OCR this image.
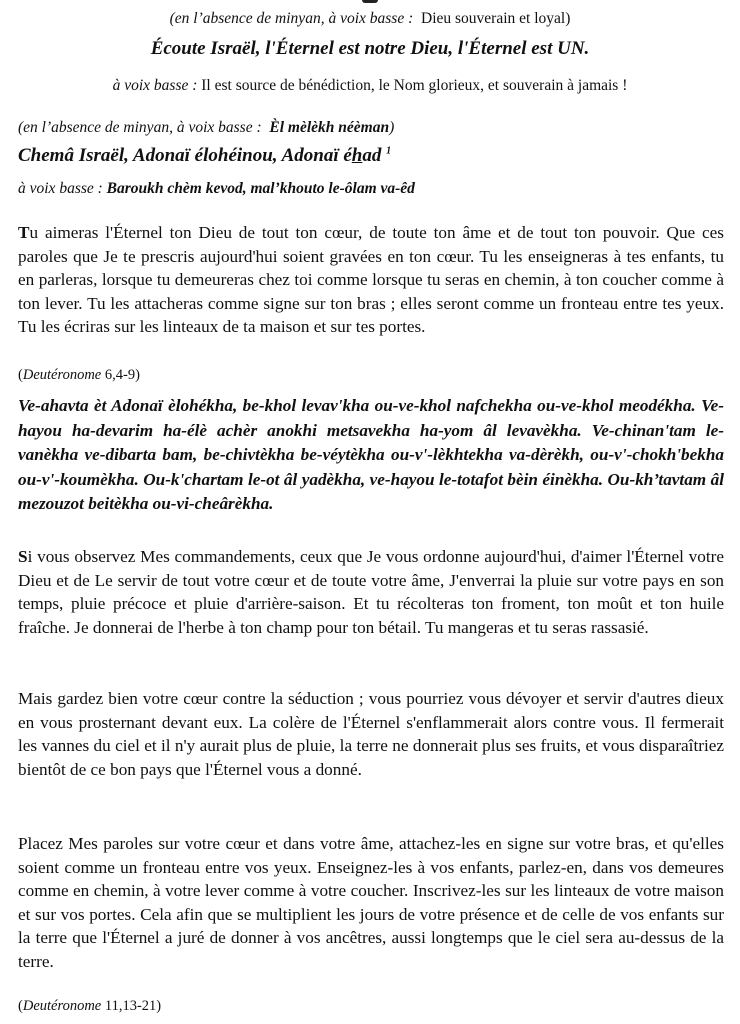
(en l’absence de minyan, à voix basse : Dieu souverain et loyal)
Écoute Israël, l'Éternel est notre Dieu, l'Éternel est UN.
à voix basse : Il est source de bénédiction, le Nom glorieux, et souverain à jamais !
(en l’absence de minyan, à voix basse : Èl mèlèkh néèman)
Chemâ Israël, Adonaï élohéinou, Adonaï éhad $^1$
à voix basse : Baroukh chèm kevod, mal’khouto le-ôlam va-êd
Tu aimeras l'Éternel ton Dieu de tout ton cœur, de toute ton âme et de tout ton pouvoir. Que ces paroles que Je te prescris aujourd'hui soient gravées en ton cœur. Tu les enseigneras à tes enfants, tu en parleras, lorsque tu demeureras chez toi comme lorsque tu seras en chemin, à ton coucher comme à ton lever. Tu les attacheras comme signe sur ton bras ; elles seront comme un fronteau entre tes yeux. Tu les écriras sur les linteaux de ta maison et sur tes portes.
(Deutéronome 6,4-9)
Ve-ahavta èt Adonaï èlohékha, be-khol levav'kha ou-ve-khol nafchekha ou-ve-khol meodékha. Ve-hayou ha-devarim ha-élè achèr anokhi metsavekha ha-yom âl levavèkha. Ve-chinan'tam le-vanèkha ve-dibarta bam, be-chivtèkha be-véytèkha ou-v'-lèkhtekha va-dèrèkh, ou-v'-chokh'bekha ou-v'-koumèkha. Ou-k'chartam le-ot âl yadèkha, ve-hayou le-totafot bèin éinèkha. Ou-kh’tavtam âl mezouzot beitèkha ou-vi-cheârèkha.
Si vous observez Mes commandements, ceux que Je vous ordonne aujourd'hui, d'aimer l'Éternel votre Dieu et de Le servir de tout votre cœur et de toute votre âme, J'enverrai la pluie sur votre pays en son temps, pluie précoce et pluie d'arrière-saison. Et tu récolteras ton froment, ton moût et ton huile fraîche. Je donnerai de l'herbe à ton champ pour ton bétail. Tu mangeras et tu seras rassasié.
Mais gardez bien votre cœur contre la séduction ; vous pourriez vous dévoyer et servir d'autres dieux en vous prosternant devant eux. La colère de l'Éternel s'enflammerait alors contre vous. Il fermerait les vannes du ciel et il n'y aurait plus de pluie, la terre ne donnerait plus ses fruits, et vous disparaîtriez bientôt de ce bon pays que l'Éternel vous a donné.
Placez Mes paroles sur votre cœur et dans votre âme, attachez-les en signe sur votre bras, et qu'elles soient comme un fronteau entre vos yeux. Enseignez-les à vos enfants, parlez-en, dans vos demeures comme en chemin, à votre lever comme à votre coucher. Inscrivez-les sur les linteaux de votre maison et sur vos portes. Cela afin que se multiplient les jours de votre présence et de celle de vos enfants sur la terre que l'Éternel a juré de donner à vos ancêtres, aussi longtemps que le ciel sera au-dessus de la terre.
(Deutéronome 11,13-21)
